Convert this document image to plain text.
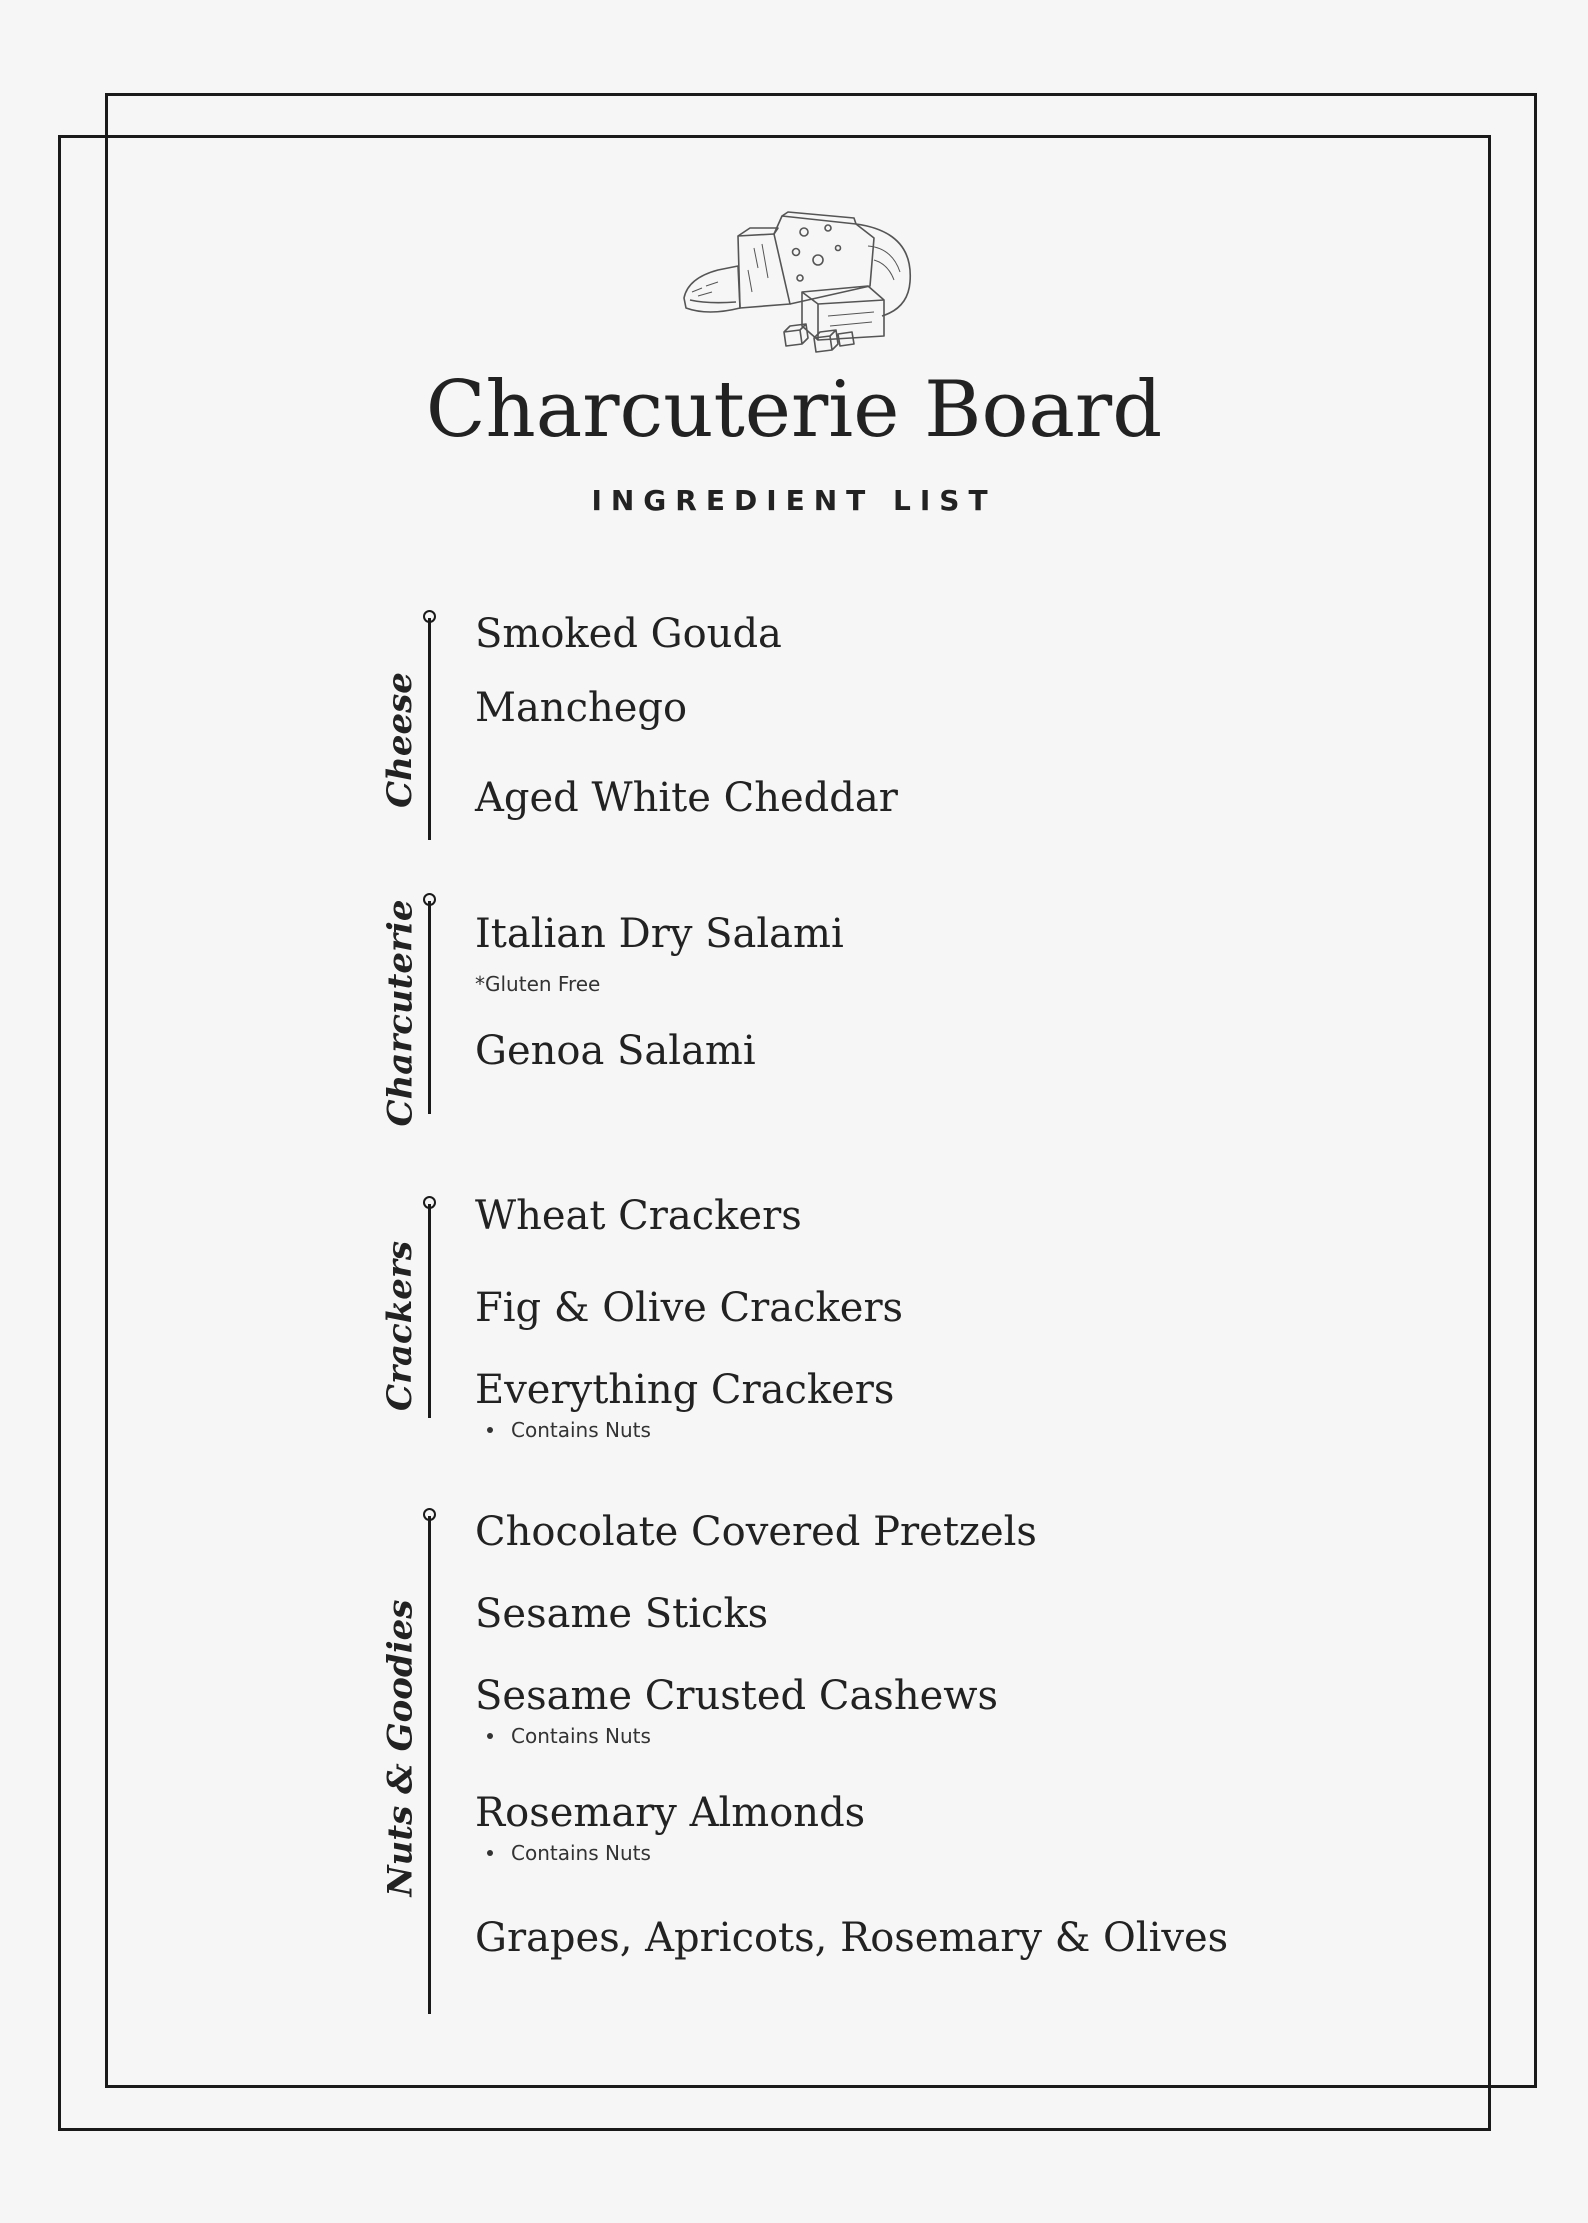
Charcuterie Board
INGREDIENT LIST
Cheese
Smoked Gouda
Manchego
Aged White Cheddar
Charcuterie Italian Dry Salami
*Gluten Free
Genoa Salami
Crackers
Wheat Crackers
Fig & Olive Crackers
Everything Crackers
Contains Nuts
Nuts & Goodies
Chocolate Covered Pretzels
Sesame Sticks
Sesame Crusted Cashews
Contains Nuts
Rosemary Almonds
Contains Nuts
Grapes, Apricots, Rosemary & Olives
